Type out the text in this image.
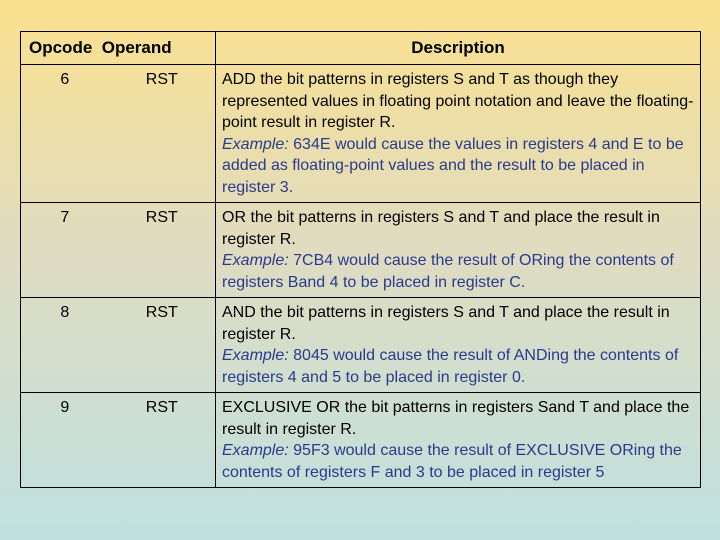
Opcode Operand	Description

6 RST	ADD the bit patterns in registers S and T as though they represented values in floating point notation and leave the floating-point result in register R.
Example: 634E would cause the values in registers 4 and E to be added as floating-point values and the result to be placed in register 3.

7 RST	OR the bit patterns in registers S and T and place the result in register R.
Example: 7CB4 would cause the result of ORing the contents of registers Band 4 to be placed in register C.

8 RST	AND the bit patterns in registers S and T and place the result in register R.
Example: 8045 would cause the result of ANDing the contents of registers 4 and 5 to be placed in register 0.

9 RST	EXCLUSIVE OR the bit patterns in registers Sand T and place the result in register R.
Example: 95F3 would cause the result of EXCLUSIVE ORing the contents of registers F and 3 to be placed in register 5
